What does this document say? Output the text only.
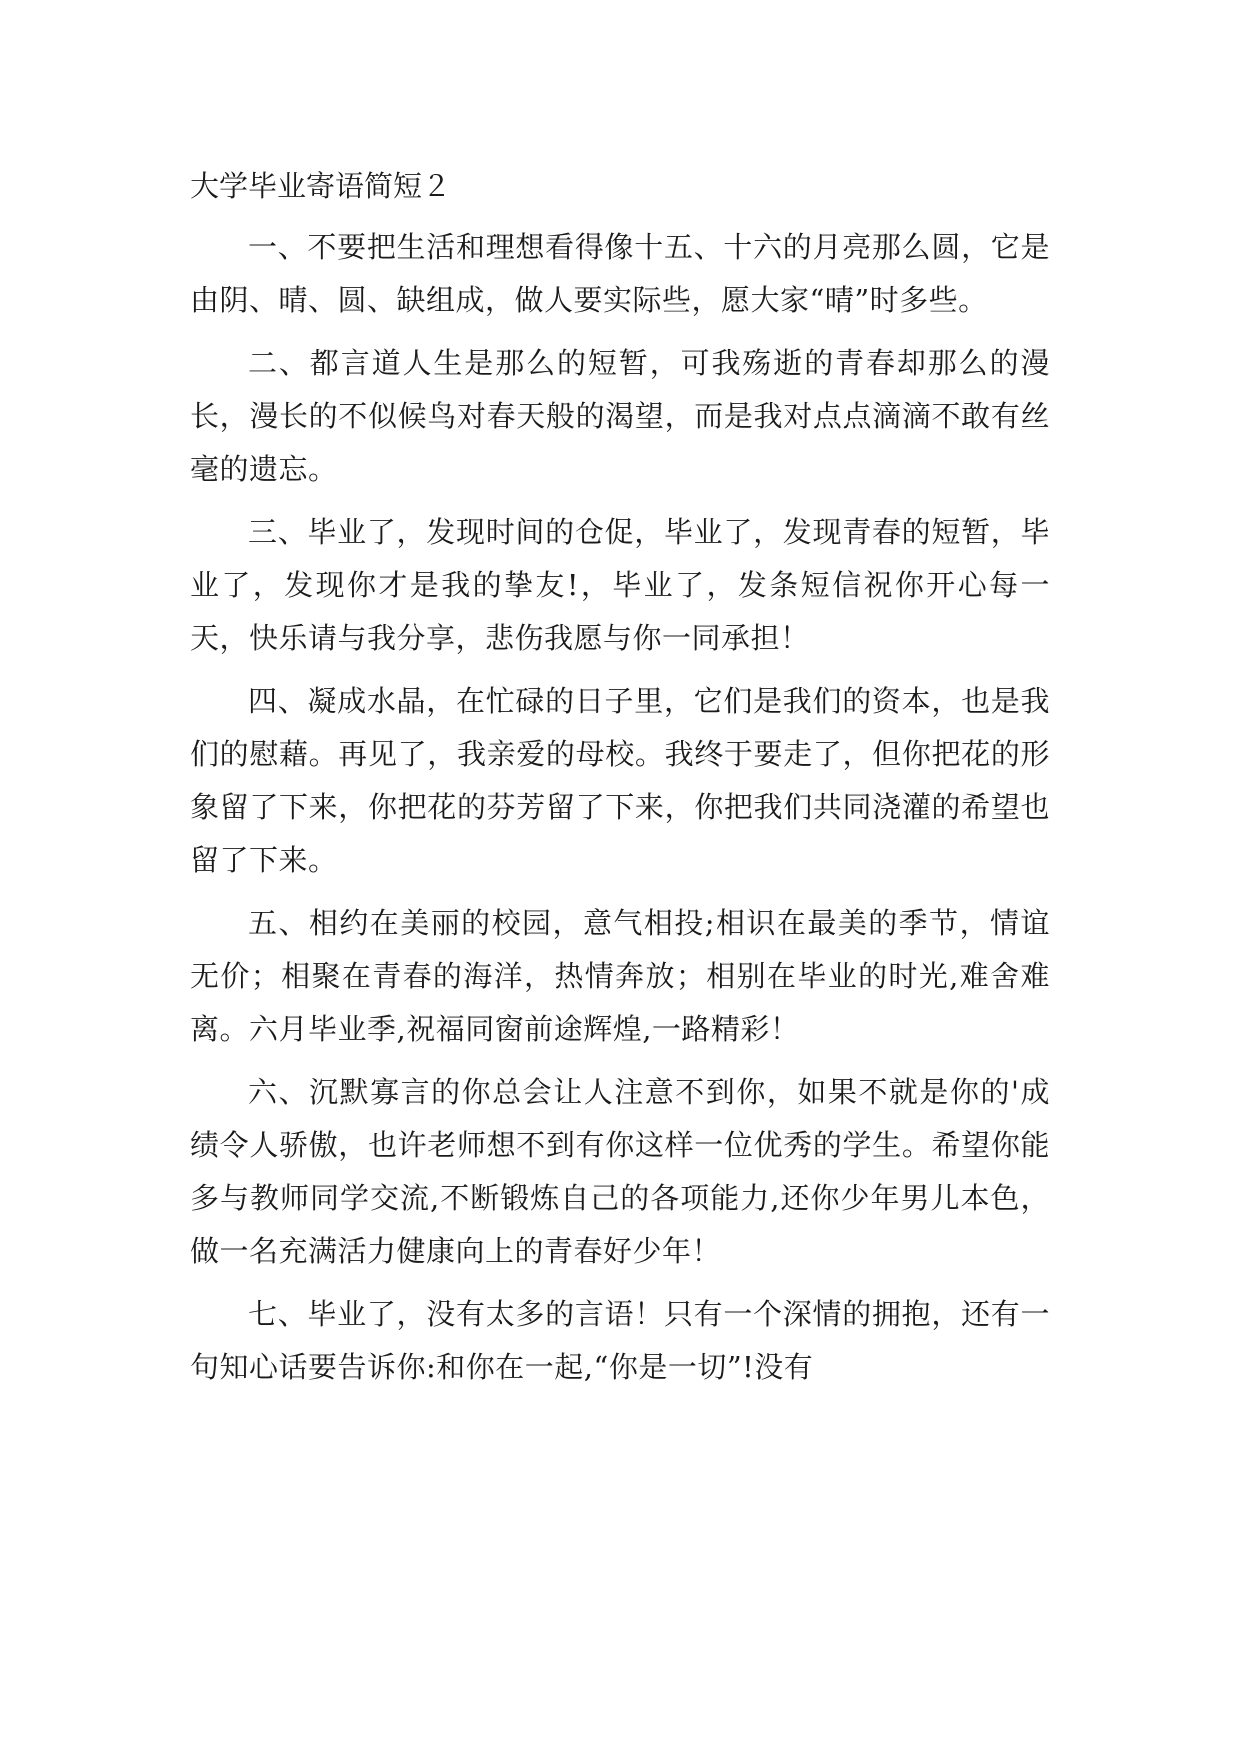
大学毕业寄语简短２

一、不要把生活和理想看得像十五、十六的月亮那么圆，它是由阴、晴、圆、缺组成，做人要实际些，愿大家“晴”时多些。

二、都言道人生是那么的短暂，可我殇逝的青春却那么的漫长，漫长的不似候鸟对春天般的渴望，而是我对点点滴滴不敢有丝毫的遗忘。

三、毕业了，发现时间的仓促，毕业了，发现青春的短暂，毕业了，发现你才是我的挚友!，毕业了，发条短信祝你开心每一天，快乐请与我分享，悲伤我愿与你一同承担！

四、凝成水晶，在忙碌的日子里，它们是我们的资本，也是我们的慰藉。再见了，我亲爱的母校。我终于要走了，但你把花的形象留了下来，你把花的芬芳留了下来，你把我们共同浇灌的希望也留了下来。

五、相约在美丽的校园，意气相投;相识在最美的季节，情谊无价；相聚在青春的海洋，热情奔放；相别在毕业的时光,难舍难离。六月毕业季,祝福同窗前途辉煌,一路精彩！

六、沉默寡言的你总会让人注意不到你，如果不就是你的'成绩令人骄傲，也许老师想不到有你这样一位优秀的学生。希望你能多与教师同学交流,不断锻炼自己的各项能力,还你少年男儿本色，做一名充满活力健康向上的青春好少年！

七、毕业了，没有太多的言语！只有一个深情的拥抱，还有一句知心话要告诉你:和你在一起,“你是一切”!没有
